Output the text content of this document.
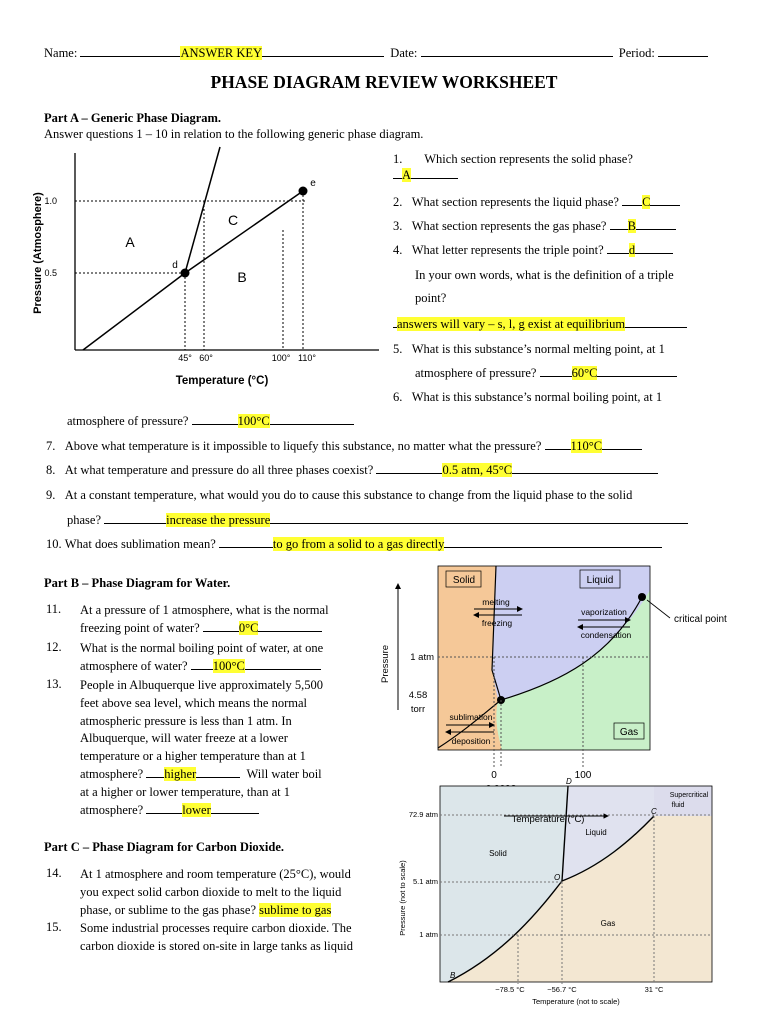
Name:	ANSWER KEY	Date:	Period:
PHASE DIAGRAM REVIEW WORKSHEET
Part A – Generic Phase Diagram.
Answer questions 1 – 10 in relation to the following generic phase diagram.
1.0
0.5
45° 60°	100° 110°
Temperature (°C)
Pressure (Atmosphere)	A
B
C
d
e
1. Which section represents the solid phase?
A
2. What section represents the liquid phase? C
3. What section represents the gas phase? B
4. What letter represents the triple point? d
In your own words, what is the definition of a triple
point?
answers will vary – s, l, g exist at equilibrium
5. What is this substance’s normal melting point, at 1
atmosphere of pressure?	60°C
6. What is this substance’s normal boiling point, at 1
atmosphere of pressure?	100°C
7. Above what temperature is it impossible to liquefy this substance, no matter what the pressure? 110°C
8. At what temperature and pressure do all three phases coexist?	0.5 atm, 45°C
9. At a constant temperature, what would you do to cause this substance to change from the liquid phase to the solid
phase?	increase the pressure
10. What does sublimation mean?	to go from a solid to a gas directly
Part B – Phase Diagram for Water.
11. At a pressure of 1 atmosphere, what is the normal
freezing point of water?	0°C
12. What is the normal boiling point of water, at one
atmosphere of water? 100°C
13. People in Albuquerque live approximately 5,500
feet above sea level, which means the normal
atmospheric pressure is less than 1 atm. In
Albuquerque, will water freeze at a lower
temperature or a higher temperature than at 1
atmosphere? higher	Will water boil
at a higher or lower temperature, than at 1
atmosphere?	lower
Solid	Liquid
Gas
melting
freezing
vaporization
condensation
sublimation
deposition
critical point
Pressure 1 atm
4.58
torr
0	100
Part C – Phase Diagram for Carbon Dioxide.
14. At 1 atmosphere and room temperature (25°C), would
you expect solid carbon dioxide to melt to the liquid
phase, or sublime to the gas phase? sublime to gas
15. Some industrial processes require carbon dioxide. The
carbon dioxide is stored on-site in large tanks as liquid
Temperature (°C)
Solid
Liquid
Gas
Supercritical
fluid
B
O
C
D
72.9 atm
5.1 atm
1 atm
−78.5 °C	−56.7 °C	31 °C
Temperature (not to scale)
Pressure (not to scale)
